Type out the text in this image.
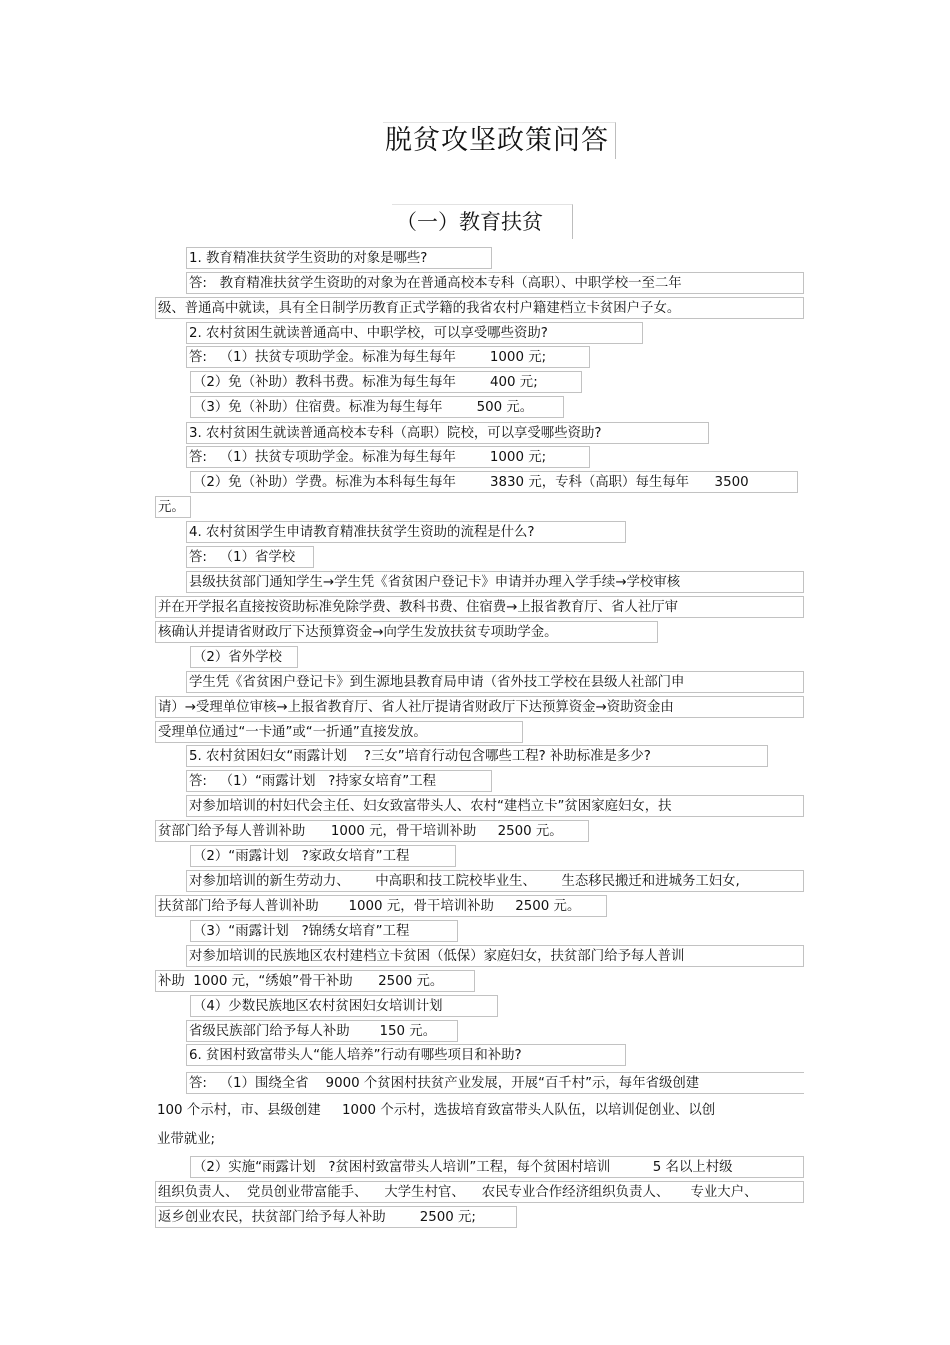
脱贫攻坚政策问答
（一）教育扶贫
1. 教育精准扶贫学生资助的对象是哪些?
答:   教育精准扶贫学生资助的对象为在普通高校本专科（高职）、中职学校一至二年
级、普通高中就读，具有全日制学历教育正式学籍的我省农村户籍建档立卡贫困户子女。
2. 农村贫困生就读普通高中、中职学校，可以享受哪些资助?
答:   （1）扶贫专项助学金。标准为每生每年        1000 元;
（2）免（补助）教科书费。标准为每生每年        400 元;
（3）免（补助）住宿费。标准为每生每年        500 元。
3. 农村贫困生就读普通高校本专科（高职）院校，可以享受哪些资助?
答:   （1）扶贫专项助学金。标准为每生每年        1000 元;
（2）免（补助）学费。标准为本科每生每年        3830 元，专科（高职）每生每年      3500
元。
4. 农村贫困学生申请教育精准扶贫学生资助的流程是什么?
答:   （1）省学校
县级扶贫部门通知学生→学生凭《省贫困户登记卡》申请并办理入学手续→学校审核
并在开学报名直接按资助标准免除学费、教科书费、住宿费→上报省教育厅、省人社厅审
核确认并提请省财政厅下达预算资金→向学生发放扶贫专项助学金。
（2）省外学校
学生凭《省贫困户登记卡》到生源地县教育局申请（省外技工学校在县级人社部门申
请）→受理单位审核→上报省教育厅、省人社厅提请省财政厅下达预算资金→资助资金由
受理单位通过“一卡通”或“一折通”直接发放。
5. 农村贫困妇女“雨露计划    ?三女”培育行动包含哪些工程? 补助标准是多少?
答:   （1）“雨露计划   ?持家女培育”工程
对参加培训的村妇代会主任、妇女致富带头人、农村“建档立卡”贫困家庭妇女，扶
贫部门给予每人普训补助      1000 元，骨干培训补助     2500 元。
（2）“雨露计划   ?家政女培育”工程
对参加培训的新生劳动力、      中高职和技工院校毕业生、      生态移民搬迁和进城务工妇女,
扶贫部门给予每人普训补助       1000 元，骨干培训补助     2500 元。
（3）“雨露计划   ?锦绣女培育”工程
对参加培训的民族地区农村建档立卡贫困（低保）家庭妇女，扶贫部门给予每人普训
补助  1000 元，“绣娘”骨干补助      2500 元。
（4）少数民族地区农村贫困妇女培训计划
省级民族部门给予每人补助       150 元。
6. 贫困村致富带头人“能人培养”行动有哪些项目和补助?
答:   （1）围绕全省    9000 个贫困村扶贫产业发展，开展“百千村”示，每年省级创建
100 个示村，市、县级创建     1000 个示村，选拔培育致富带头人队伍，以培训促创业、以创
业带就业;
（2）实施“雨露计划   ?贫困村致富带头人培训”工程，每个贫困村培训          5 名以上村级
组织负责人、  党员创业带富能手、    大学生村官、    农民专业合作经济组织负责人、     专业大户、
返乡创业农民，扶贫部门给予每人补助        2500 元;
